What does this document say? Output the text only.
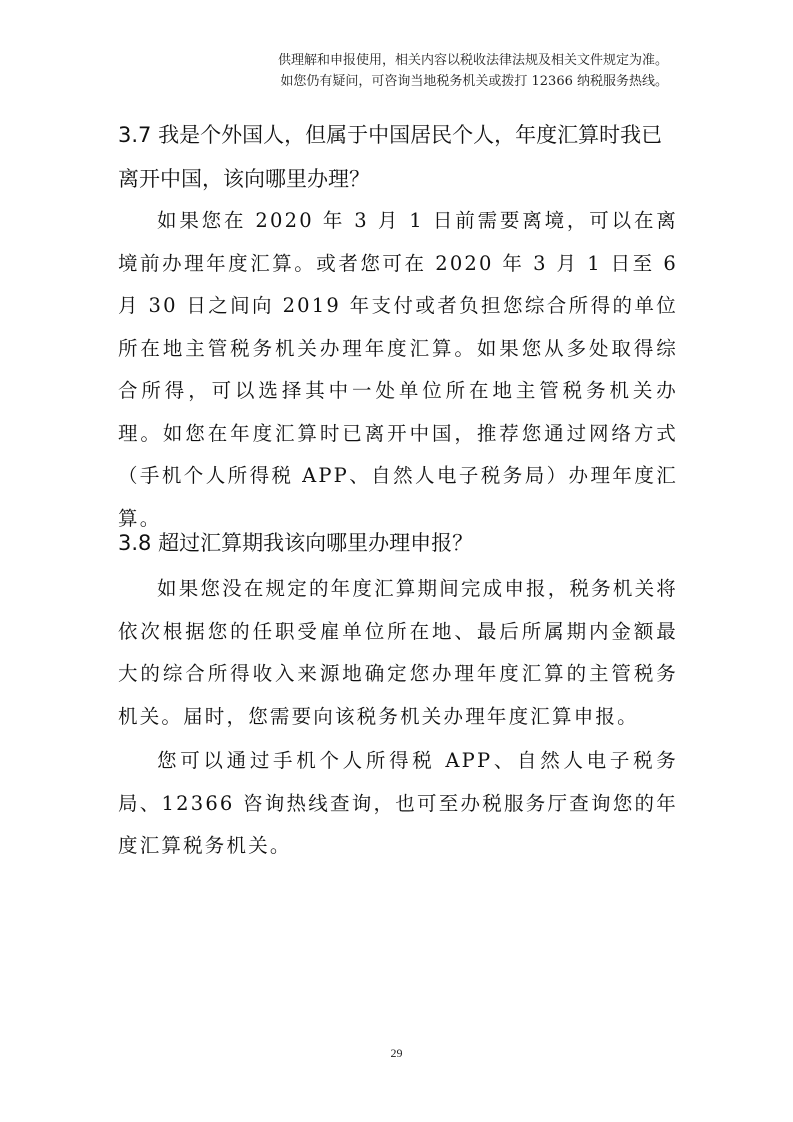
供理解和申报使用，相关内容以税收法律法规及相关文件规定为准。
如您仍有疑问，可咨询当地税务机关或拨打 12366 纳税服务热线。
3.7 我是个外国人，但属于中国居民个人，年度汇算时我已离开中国，该向哪里办理？

如果您在 2020 年 3 月 1 日前需要离境，可以在离境前办理年度汇算。或者您可在 2020 年 3 月 1 日至 6 月 30 日之间向 2019 年支付或者负担您综合所得的单位所在地主管税务机关办理年度汇算。如果您从多处取得综合所得，可以选择其中一处单位所在地主管税务机关办理。如您在年度汇算时已离开中国，推荐您通过网络方式（手机个人所得税 APP、自然人电子税务局）办理年度汇算。

3.8 超过汇算期我该向哪里办理申报？

如果您没在规定的年度汇算期间完成申报，税务机关将依次根据您的任职受雇单位所在地、最后所属期内金额最大的综合所得收入来源地确定您办理年度汇算的主管税务机关。届时，您需要向该税务机关办理年度汇算申报。

您可以通过手机个人所得税 APP、自然人电子税务局、12366 咨询热线查询，也可至办税服务厅查询您的年度汇算税务机关。

29
